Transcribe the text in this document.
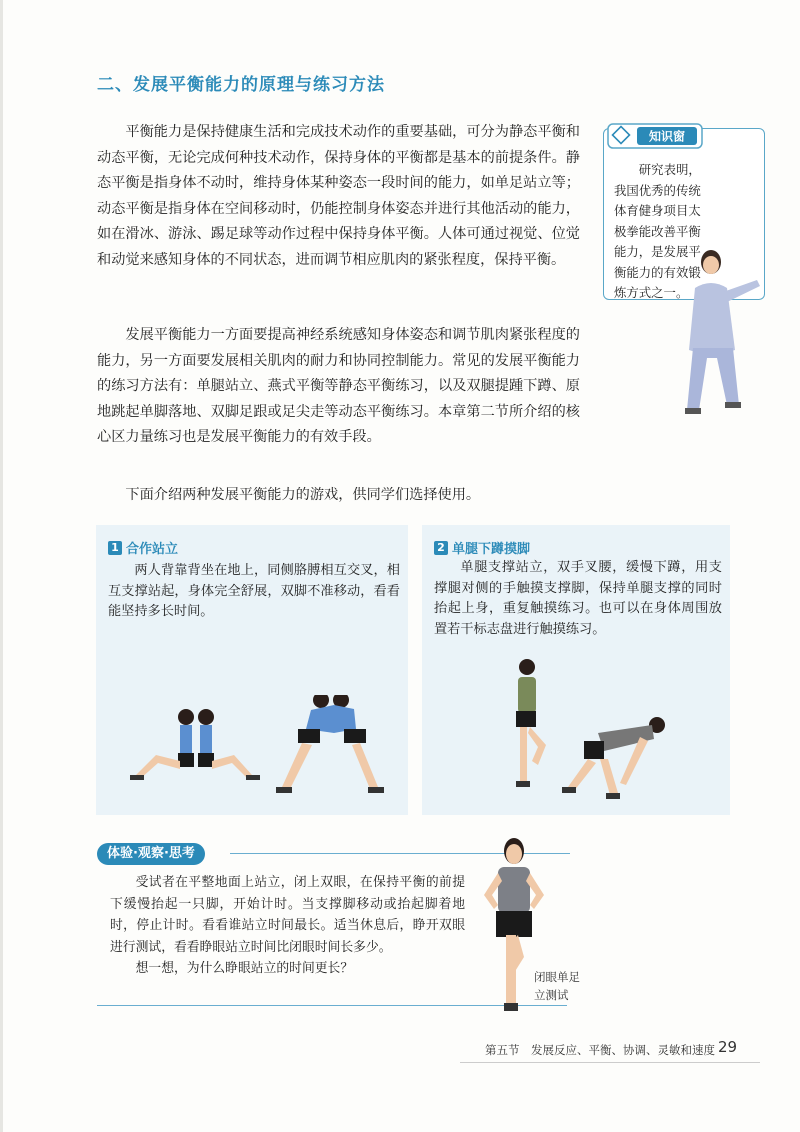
二、发展平衡能力的原理与练习方法

平衡能力是保持健康生活和完成技术动作的重要基础，可分为静态平衡和动态平衡，无论完成何种技术动作，保持身体的平衡都是基本的前提条件。静态平衡是指身体不动时，维持身体某种姿态一段时间的能力，如单足站立等；动态平衡是指身体在空间移动时，仍能控制身体姿态并进行其他活动的能力，如在滑冰、游泳、踢足球等动作过程中保持身体平衡。人体可通过视觉、位觉和动觉来感知身体的不同状态，进而调节相应肌肉的紧张程度，保持平衡。

发展平衡能力一方面要提高神经系统感知身体姿态和调节肌肉紧张程度的能力，另一方面要发展相关肌肉的耐力和协同控制能力。常见的发展平衡能力的练习方法有：单腿站立、燕式平衡等静态平衡练习，以及双腿提踵下蹲、原地跳起单脚落地、双脚足跟或足尖走等动态平衡练习。本章第二节所介绍的核心区力量练习也是发展平衡能力的有效手段。

下面介绍两种发展平衡能力的游戏，供同学们选择使用。

知识窗
研究表明，我国优秀的传统体育健身项目太极拳能改善平衡能力，是发展平衡能力的有效锻炼方式之一。
1 合作站立

两人背靠背坐在地上，同侧胳膊相互交叉，相互支撑站起，身体完全舒展，双脚不准移动，看看能坚持多长时间。

2 单腿下蹲摸脚

单腿支撑站立，双手叉腰，缓慢下蹲，用支撑腿对侧的手触摸支撑脚，保持单腿支撑的同时抬起上身，重复触摸练习。也可以在身体周围放置若干标志盘进行触摸练习。

体验·观察·思考

受试者在平整地面上站立，闭上双眼，在保持平衡的前提下缓慢抬起一只脚，开始计时。当支撑脚移动或抬起脚着地时，停止计时。看看谁站立时间最长。适当休息后，睁开双眼进行测试，看看睁眼站立时间比闭眼时间长多少。

想一想，为什么睁眼站立的时间更长？

闭眼单足
立测试
第五节　发展反应、平衡、协调、灵敏和速度 29
